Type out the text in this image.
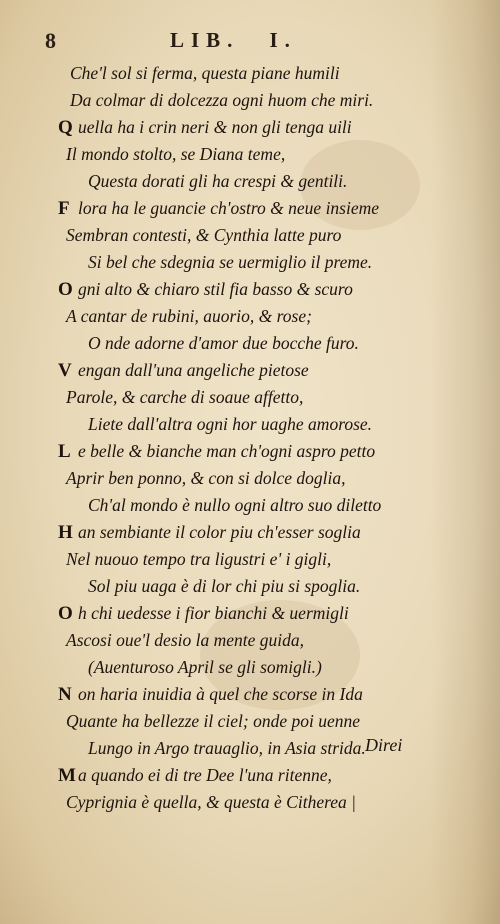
8	LIB. I.
Che'l sol si ferma, questa piane humili
Da colmar di dolcezza ogni huom che miri.
Q uella ha i crin neri & non gli tenga uili
Il mondo stolto, se Diana teme,
Questa dorati gli ha crespi & gentili.
F lora ha le guancie ch'ostro & neue insieme
Sembran contesti, & Cynthia latte puro
Si bel che sdegnia se uermiglio il preme.
O gni alto & chiaro stil fia basso & scuro
A cantar de rubini, auorio, & rose;
O nde adorne d'amor due bocche furo.
V engan dall'una angeliche pietose
Parole, & carche di soaue affetto,
Liete dall'altra ogni hor uaghe amorose.
L e belle & bianche man ch'ogni aspro petto
Aprir ben ponno, & con si dolce doglia,
Ch'al mondo è nullo ogni altro suo diletto
H an sembiante il color piu ch'esser soglia
Nel nuouo tempo tra ligustri e' i gigli,
Sol piu uaga è di lor chi piu si spoglia.
O h chi uedesse i fior bianchi & uermigli
Ascosi oue'l desio la mente guida,
(Auenturoso April se gli somigli.)
N on haria inuidia à quel che scorse in Ida
Quante ha bellezze il ciel; onde poi uenne
Lungo in Argo trauaglio, in Asia strida.
M a quando ei di tre Dee l'una ritenne,
Cyprignia è quella, & questa è Citherea |
Direi
